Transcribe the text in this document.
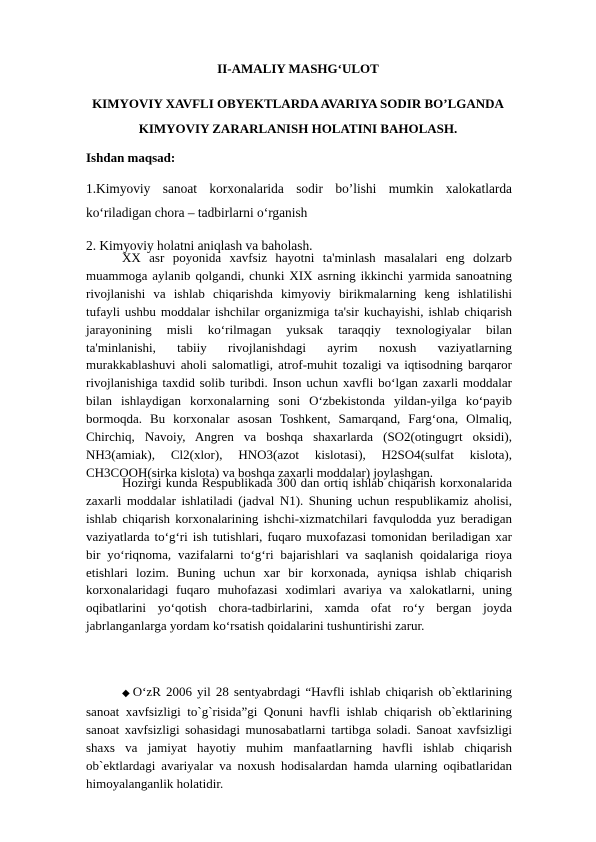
II-AMALIY MASHG‘ULOT
KIMYOVIY XAVFLI OBYEKTLARDA AVARIYA SODIR BO’LGANDA
KIMYOVIY ZARARLANISH HOLATINI BAHOLASH.
Ishdan maqsad:
1.Kimyoviy sanoat korxonalarida sodir bo’lishi mumkin xalokatlarda ko‘riladigan chora – tadbirlarni o‘rganish
2. Kimyoviy holatni aniqlash va baholash.

XX asr poyonida xavfsiz hayotni ta'minlash masalalari eng dolzarb muammoga aylanib qolgandi, chunki XIX asrning ikkinchi yarmida sanoatning rivojlanishi va ishlab chiqarishda kimyoviy birikmalarning keng ishlatilishi tufayli ushbu moddalar ishchilar organizmiga ta'sir kuchayishi, ishlab chiqarish jarayonining misli ko‘rilmagan yuksak taraqqiy texnologiyalar bilan ta'minlanishi, tabiiy rivojlanishdagi ayrim noxush vaziyatlarning murakkablashuvi aholi salomatligi, atrof-muhit tozaligi va iqtisodning barqaror rivojlanishiga taxdid solib turibdi. Inson uchun xavfli bo‘lgan zaxarli moddalar bilan ishlaydigan korxonalarning soni O‘zbekistonda yildan-yilga ko‘payib bormoqda. Bu korxonalar asosan Toshkent, Samarqand, Farg‘ona, Olmaliq, Chirchiq, Navoiy, Angren va boshqa shaxarlarda (SO2(otingugrt oksidi), NH3(amiak), Cl2(xlor), HNO3(azot kislotasi), H2SO4(sulfat kislota), CH3COOH(sirka kislota) va boshqa zaxarli moddalar) joylashgan.

Hozirgi kunda Respublikada 300 dan ortiq ishlab chiqarish korxonalarida zaxarli moddalar ishlatiladi (jadval N1). Shuning uchun respublikamiz aholisi, ishlab chiqarish korxonalarining ishchi-xizmatchilari favqulodda yuz beradigan vaziyatlarda to‘g‘ri ish tutishlari, fuqaro muxofazasi tomonidan beriladigan xar bir yo‘riqnoma, vazifalarni to‘g‘ri bajarishlari va saqlanish qoidalariga rioya etishlari lozim. Buning uchun xar bir korxonada, ayniqsa ishlab chiqarish korxonalaridagi fuqaro muhofazasi xodimlari avariya va xalokatlarni, uning oqibatlarini yo‘qotish chora-tadbirlarini, xamda ofat ro‘y bergan joyda jabrlanganlarga yordam ko‘rsatish qoidalarini tushuntirishi zarur.

◆ O‘zR 2006 yil 28 sentyabrdagi “Havfli ishlab chiqarish ob`ektlarining sanoat xavfsizligi to`g`risida”gi Qonuni havfli ishlab chiqarish ob`ektlarining sanoat xavfsizligi sohasidagi munosabatlarni tartibga soladi. Sanoat xavfsizligi shaxs va jamiyat hayotiy muhim manfaatlarning havfli ishlab chiqarish ob`ektlardagi avariyalar va noxush hodisalardan hamda ularning oqibatlaridan himoyalanganlik holatidir.
